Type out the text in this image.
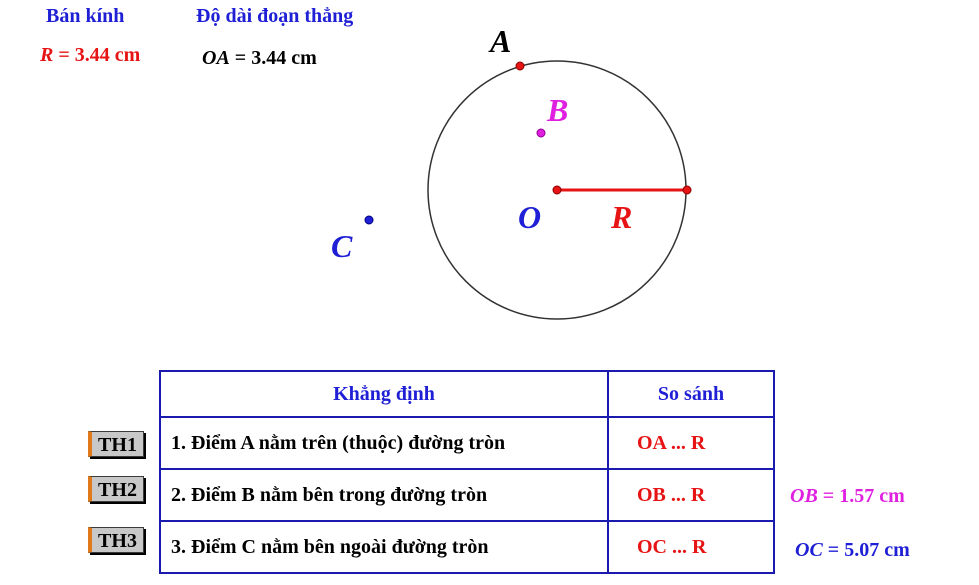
Bán kính	Độ dài đoạn thẳng
R = 3.44 cm	OA = 3.44 cm
OB = 1.57 cm
OC = 5.07 cm
A
B
C
O R
TH1
TH2
TH3
Khẳng định	So sánh
1. Điểm A nằm trên (thuộc) đường tròn	OA ... R
2. Điểm B nằm bên trong đường tròn	OB ... R
3. Điểm C nằm bên ngoài đường tròn	OC ... R
